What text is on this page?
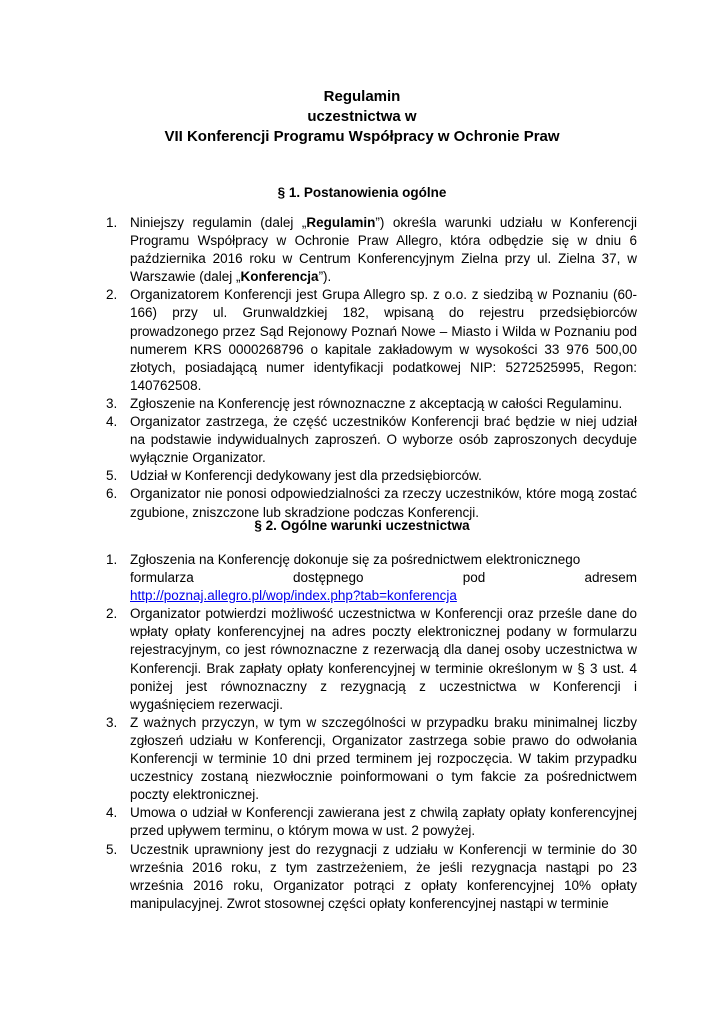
Regulamin
uczestnictwa w
VII Konferencji Programu Współpracy w Ochronie Praw
§ 1. Postanowienia ogólne
1. Niniejszy regulamin (dalej „Regulamin”) określa warunki udziału w Konferencji Programu Współpracy w Ochronie Praw Allegro, która odbędzie się w dniu 6 października 2016 roku w Centrum Konferencyjnym Zielna przy ul. Zielna 37, w Warszawie (dalej „Konferencja”).
2. Organizatorem Konferencji jest Grupa Allegro sp. z o.o. z siedzibą w Poznaniu (60-166) przy ul. Grunwaldzkiej 182, wpisaną do rejestru przedsiębiorców prowadzonego przez Sąd Rejonowy Poznań Nowe – Miasto i Wilda w Poznaniu pod numerem KRS 0000268796 o kapitale zakładowym w wysokości 33 976 500,00 złotych, posiadającą numer identyfikacji podatkowej NIP: 5272525995, Regon: 140762508.
3. Zgłoszenie na Konferencję jest równoznaczne z akceptacją w całości Regulaminu.
4. Organizator zastrzega, że część uczestników Konferencji brać będzie w niej udział na podstawie indywidualnych zaproszeń. O wyborze osób zaproszonych decyduje wyłącznie Organizator.
5. Udział w Konferencji dedykowany jest dla przedsiębiorców.
6. Organizator nie ponosi odpowiedzialności za rzeczy uczestników, które mogą zostać zgubione, zniszczone lub skradzione podczas Konferencji.
§ 2. Ogólne warunki uczestnictwa
1. Zgłoszenia na Konferencję dokonuje się za pośrednictwem elektronicznego
formularza	dostępnego	pod	adresem
http://poznaj.allegro.pl/wop/index.php?tab=konferencja
2. Organizator potwierdzi możliwość uczestnictwa w Konferencji oraz prześle dane do wpłaty opłaty konferencyjnej na adres poczty elektronicznej podany w formularzu rejestracyjnym, co jest równoznaczne z rezerwacją dla danej osoby uczestnictwa w Konferencji. Brak zapłaty opłaty konferencyjnej w terminie określonym w § 3 ust. 4 poniżej jest równoznaczny z rezygnacją z uczestnictwa w Konferencji i wygaśnięciem rezerwacji.
3. Z ważnych przyczyn, w tym w szczególności w przypadku braku minimalnej liczby zgłoszeń udziału w Konferencji, Organizator zastrzega sobie prawo do odwołania Konferencji w terminie 10 dni przed terminem jej rozpoczęcia. W takim przypadku uczestnicy zostaną niezwłocznie poinformowani o tym fakcie za pośrednictwem poczty elektronicznej.
4. Umowa o udział w Konferencji zawierana jest z chwilą zapłaty opłaty konferencyjnej przed upływem terminu, o którym mowa w ust. 2 powyżej.
5. Uczestnik uprawniony jest do rezygnacji z udziału w Konferencji w terminie do 30 września 2016 roku, z tym zastrzeżeniem, że jeśli rezygnacja nastąpi po 23 września 2016 roku, Organizator potrąci z opłaty konferencyjnej 10% opłaty manipulacyjnej. Zwrot stosownej części opłaty konferencyjnej nastąpi w terminie
